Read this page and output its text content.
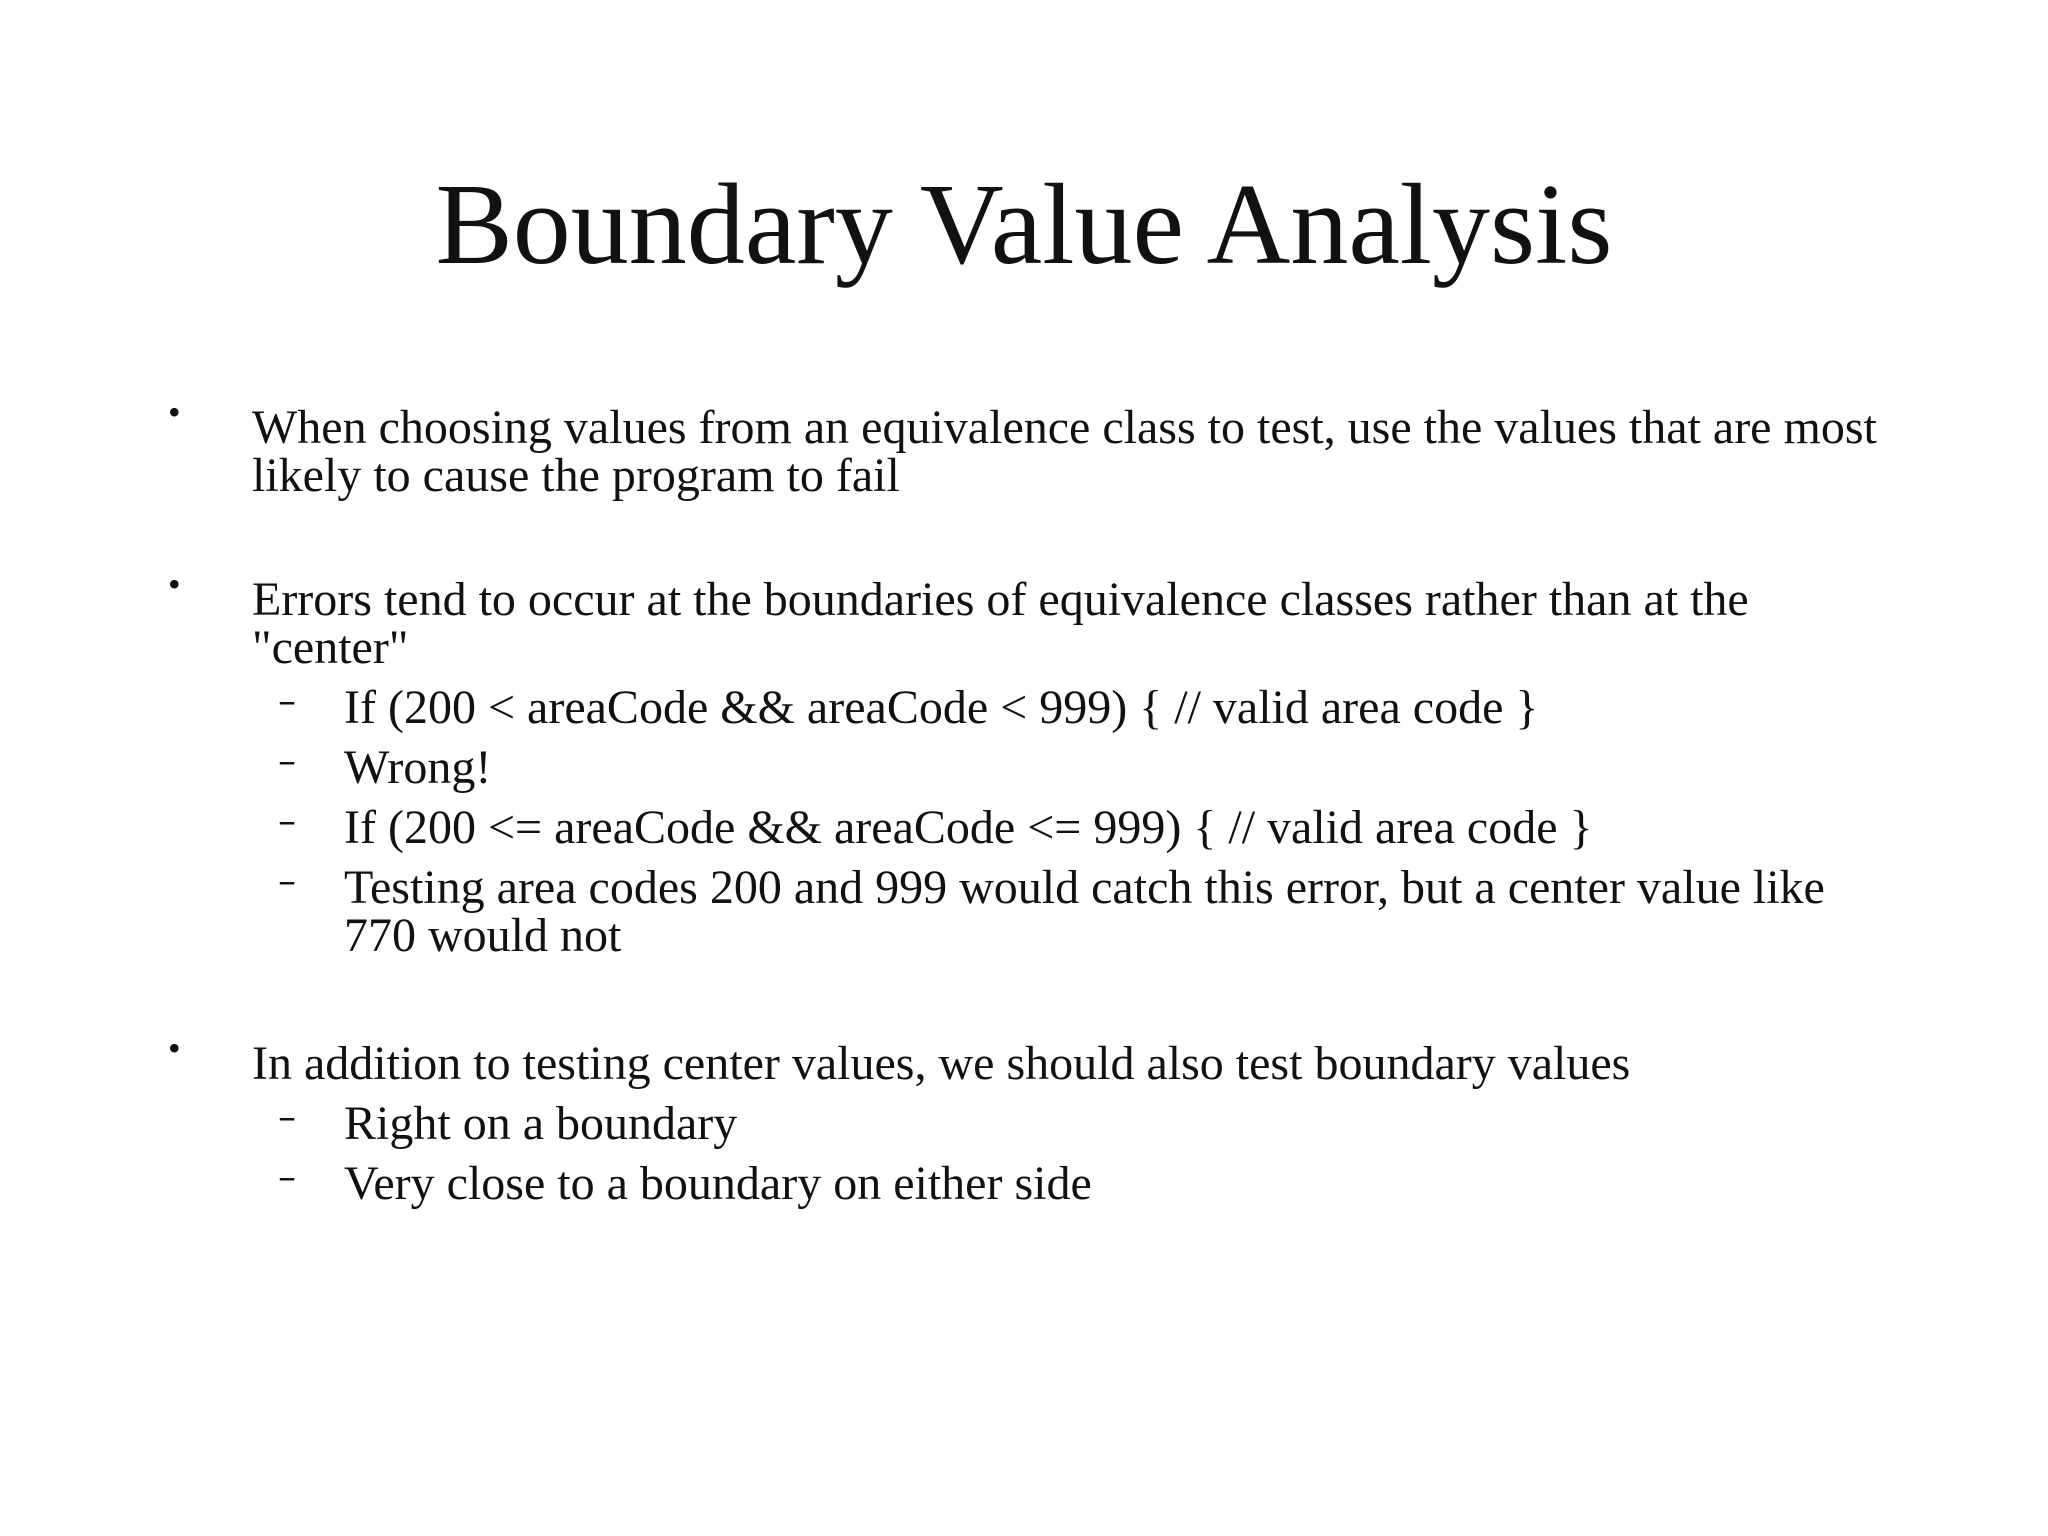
Boundary Value Analysis
• When choosing values from an equivalence class to test, use the values that are most likely to cause the program to fail
• Errors tend to occur at the boundaries of equivalence classes rather than at the "center"
– If (200 < areaCode && areaCode < 999) { // valid area code }
– Wrong!
– If (200 <= areaCode && areaCode <= 999) { // valid area code }
– Testing area codes 200 and 999 would catch this error, but a center value like 770 would not
• In addition to testing center values, we should also test boundary values
– Right on a boundary
– Very close to a boundary on either side
